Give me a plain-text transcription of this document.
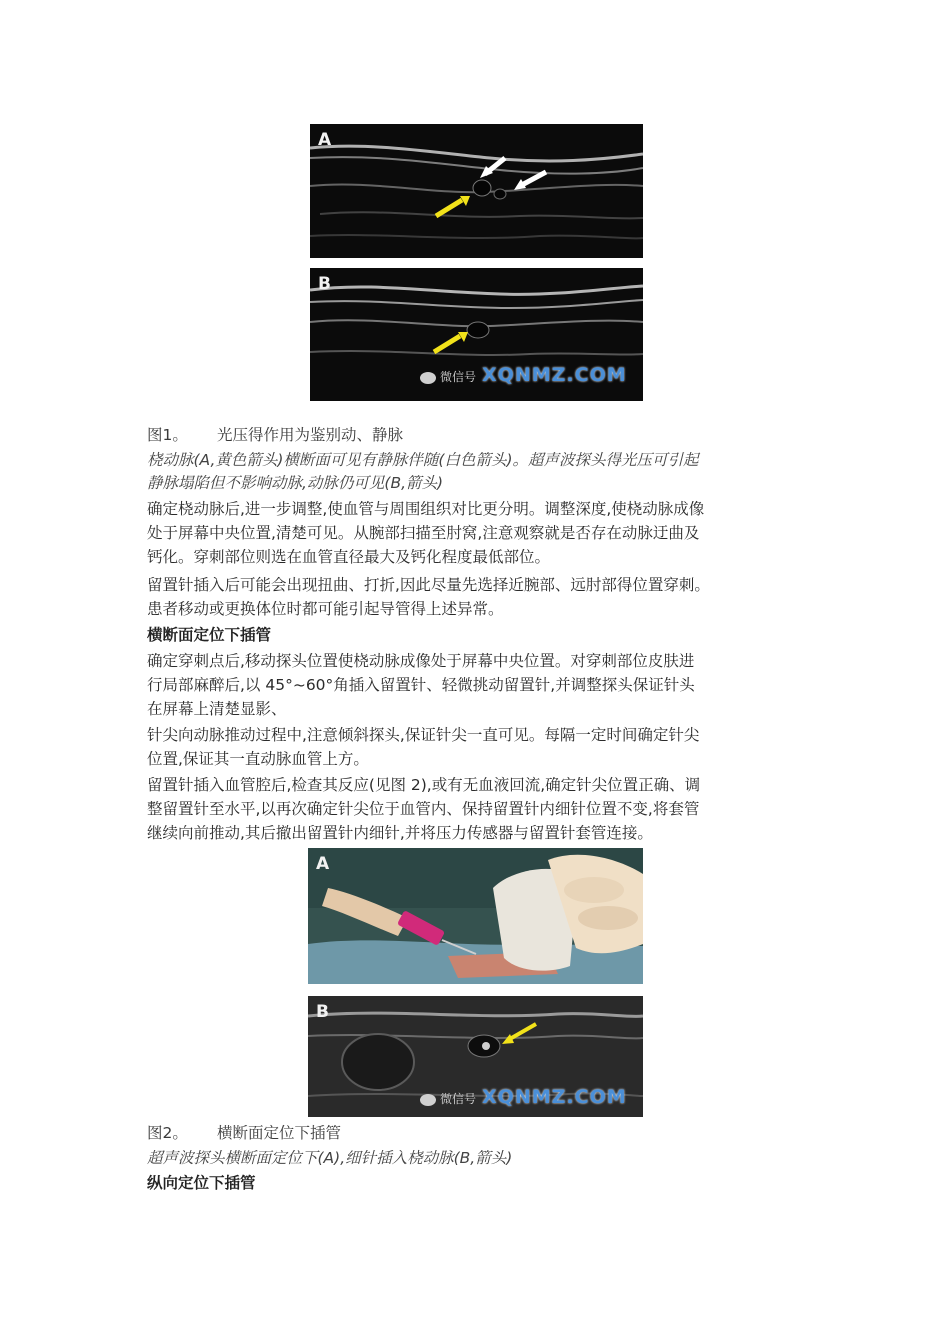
A
B
微信号 XQNMZ.COM
图1。 光压得作用为鉴别动、静脉
桡动脉(A,黄色箭头)横断面可见有静脉伴随(白色箭头)。超声波探头得光压可引起
静脉塌陷但不影响动脉,动脉仍可见(B,箭头)
确定桡动脉后,进一步调整,使血管与周围组织对比更分明。调整深度,使桡动脉成像
处于屏幕中央位置,清楚可见。从腕部扫描至肘窝,注意观察就是否存在动脉迂曲及
钙化。穿刺部位则选在血管直径最大及钙化程度最低部位。
留置针插入后可能会出现扭曲、打折,因此尽量先选择近腕部、远肘部得位置穿刺。
患者移动或更换体位时都可能引起导管得上述异常。
横断面定位下插管
确定穿刺点后,移动探头位置使桡动脉成像处于屏幕中央位置。对穿刺部位皮肤进
行局部麻醉后,以 45°~60°角插入留置针、轻微挑动留置针,并调整探头保证针头
在屏幕上清楚显影、
针尖向动脉推动过程中,注意倾斜探头,保证针尖一直可见。每隔一定时间确定针尖
位置,保证其一直动脉血管上方。
留置针插入血管腔后,检查其反应(见图 2),或有无血液回流,确定针尖位置正确、调
整留置针至水平,以再次确定针尖位于血管内、保持留置针内细针位置不变,将套管
继续向前推动,其后撤出留置针内细针,并将压力传感器与留置针套管连接。
A
B
微信号 XQNMZ.COM
图2。 横断面定位下插管
超声波探头横断面定位下(A),细针插入桡动脉(B,箭头)
纵向定位下插管
